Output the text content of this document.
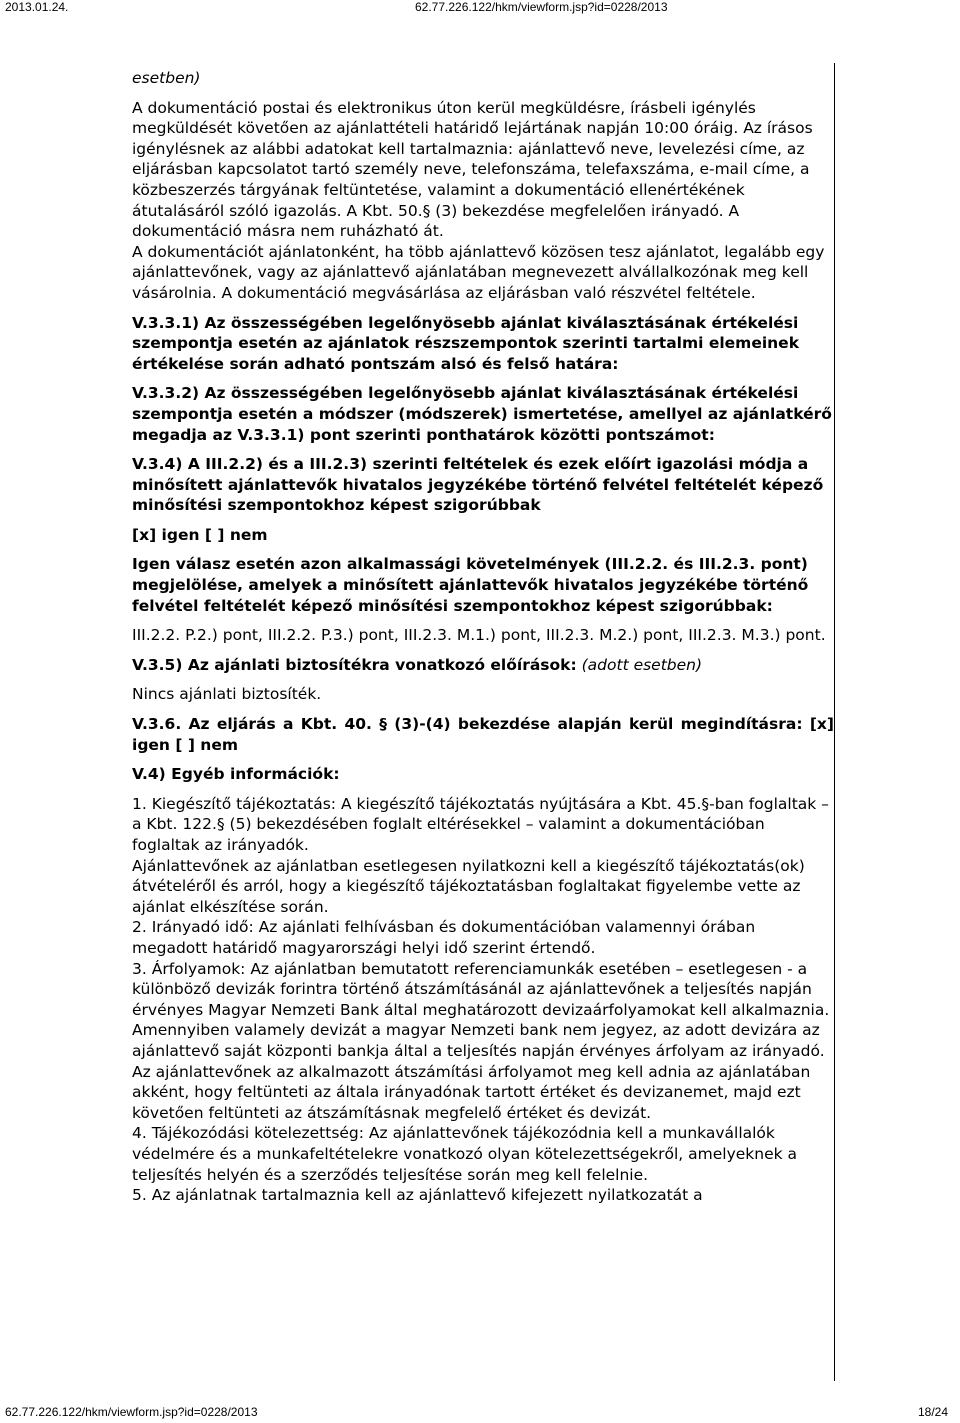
2013.01.24.	62.77.226.122/hkm/viewform.jsp?id=0228/2013

esetben)

A dokumentáció postai és elektronikus úton kerül megküldésre, írásbeli igénylés megküldését követően az ajánlattételi határidő lejártának napján 10:00 óráig. Az írásos igénylésnek az alábbi adatokat kell tartalmaznia: ajánlattevő neve, levelezési címe, az eljárásban kapcsolatot tartó személy neve, telefonszáma, telefaxszáma, e-mail címe, a közbeszerzés tárgyának feltüntetése, valamint a dokumentáció ellenértékének átutalásáról szóló igazolás. A Kbt. 50.§ (3) bekezdése megfelelően irányadó. A dokumentáció másra nem ruházható át.

A dokumentációt ajánlatonként, ha több ajánlattevő közösen tesz ajánlatot, legalább egy ajánlattevőnek, vagy az ajánlattevő ajánlatában megnevezett alvállalkozónak meg kell vásárolnia. A dokumentáció megvásárlása az eljárásban való részvétel feltétele.

V.3.3.1) Az összességében legelőnyösebb ajánlat kiválasztásának értékelési szempontja esetén az ajánlatok részszempontok szerinti tartalmi elemeinek értékelése során adható pontszám alsó és felső határa:

V.3.3.2) Az összességében legelőnyösebb ajánlat kiválasztásának értékelési szempontja esetén a módszer (módszerek) ismertetése, amellyel az ajánlatkérő megadja az V.3.3.1) pont szerinti ponthatárok közötti pontszámot:

V.3.4) A III.2.2) és a III.2.3) szerinti feltételek és ezek előírt igazolási módja a minősített ajánlattevők hivatalos jegyzékébe történő felvétel feltételét képező minősítési szempontokhoz képest szigorúbbak

[x] igen [ ] nem

Igen válasz esetén azon alkalmassági követelmények (III.2.2. és III.2.3. pont) megjelölése, amelyek a minősített ajánlattevők hivatalos jegyzékébe történő felvétel feltételét képező minősítési szempontokhoz képest szigorúbbak:

III.2.2. P.2.) pont, III.2.2. P.3.) pont, III.2.3. M.1.) pont, III.2.3. M.2.) pont, III.2.3. M.3.) pont.

V.3.5) Az ajánlati biztosítékra vonatkozó előírások: (adott esetben)

Nincs ajánlati biztosíték.

V.3.6. Az eljárás a Kbt. 40. § (3)-(4) bekezdése alapján kerül megindításra: [x] igen [ ] nem

V.4) Egyéb információk:

1. Kiegészítő tájékoztatás: A kiegészítő tájékoztatás nyújtására a Kbt. 45.§-ban foglaltak – a Kbt. 122.§ (5) bekezdésében foglalt eltérésekkel – valamint a dokumentációban foglaltak az irányadók.

Ajánlattevőnek az ajánlatban esetlegesen nyilatkozni kell a kiegészítő tájékoztatás(ok) átvételéről és arról, hogy a kiegészítő tájékoztatásban foglaltakat figyelembe vette az ajánlat elkészítése során.

2. Irányadó idő: Az ajánlati felhívásban és dokumentációban valamennyi órában megadott határidő magyarországi helyi idő szerint értendő.

3. Árfolyamok: Az ajánlatban bemutatott referenciamunkák esetében – esetlegesen - a különböző devizák forintra történő átszámításánál az ajánlattevőnek a teljesítés napján érvényes Magyar Nemzeti Bank által meghatározott devizaárfolyamokat kell alkalmaznia. Amennyiben valamely devizát a magyar Nemzeti bank nem jegyez, az adott devizára az ajánlattevő saját központi bankja által a teljesítés napján érvényes árfolyam az irányadó. Az ajánlattevőnek az alkalmazott átszámítási árfolyamot meg kell adnia az ajánlatában akként, hogy feltünteti az általa irányadónak tartott értéket és devizanemet, majd ezt követően feltünteti az átszámításnak megfelelő értéket és devizát.

4. Tájékozódási kötelezettség: Az ajánlattevőnek tájékozódnia kell a munkavállalók védelmére és a munkafeltételekre vonatkozó olyan kötelezettségekről, amelyeknek a teljesítés helyén és a szerződés teljesítése során meg kell felelnie.

5. Az ajánlatnak tartalmaznia kell az ajánlattevő kifejezett nyilatkozatát a

62.77.226.122/hkm/viewform.jsp?id=0228/2013	18/24
